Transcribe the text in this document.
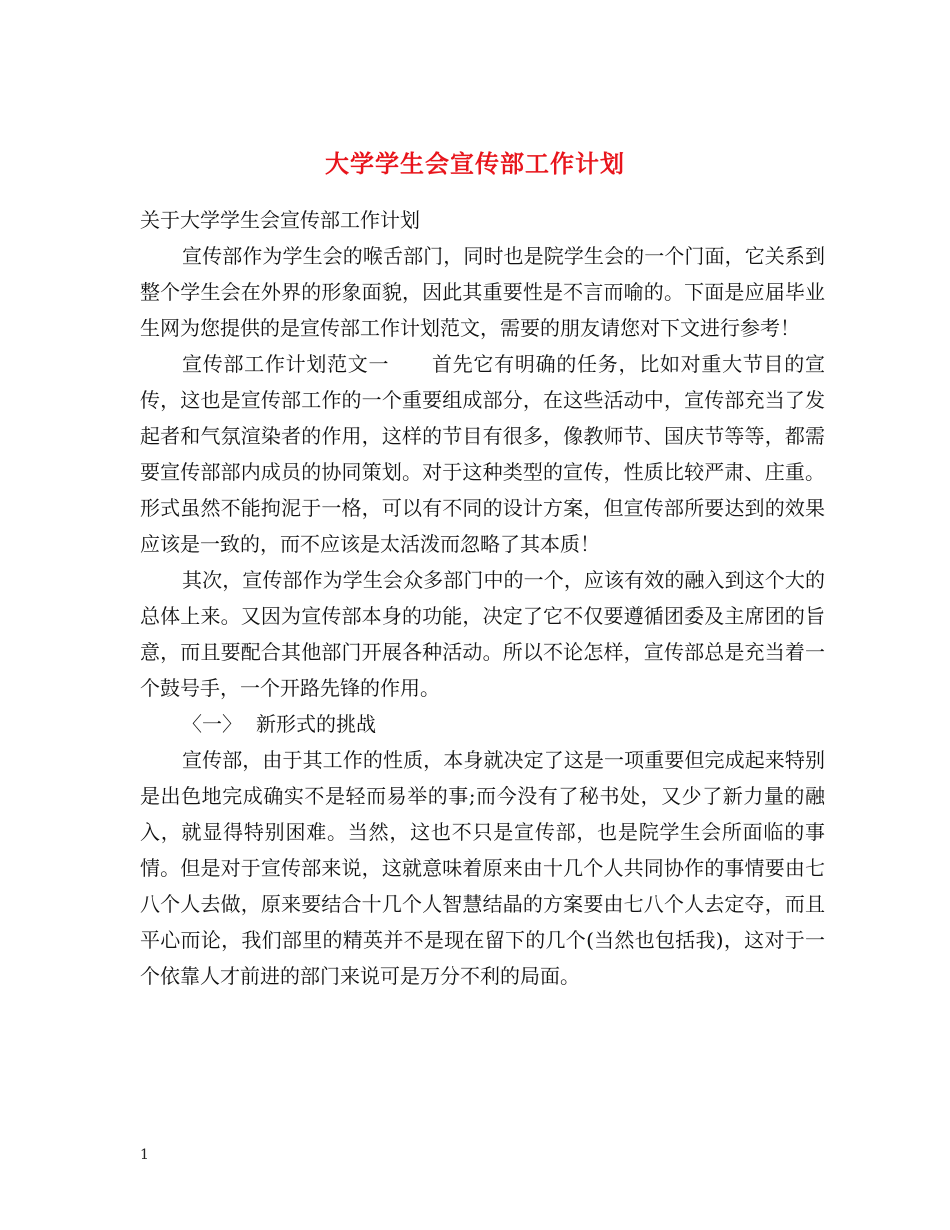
大学学生会宣传部工作计划

关于大学学生会宣传部工作计划

宣传部作为学生会的喉舌部门，同时也是院学生会的一个门面，它关系到整个学生会在外界的形象面貌，因此其重要性是不言而喻的。下面是应届毕业生网为您提供的是宣传部工作计划范文，需要的朋友请您对下文进行参考！

宣传部工作计划范文一 首先它有明确的任务，比如对重大节目的宣传，这也是宣传部工作的一个重要组成部分，在这些活动中，宣传部充当了发起者和气氛渲染者的作用，这样的节目有很多，像教师节、国庆节等等，都需要宣传部部内成员的协同策划。对于这种类型的宣传，性质比较严肃、庄重。形式虽然不能拘泥于一格，可以有不同的设计方案，但宣传部所要达到的效果应该是一致的，而不应该是太活泼而忽略了其本质！

其次，宣传部作为学生会众多部门中的一个，应该有效的融入到这个大的总体上来。又因为宣传部本身的功能，决定了它不仅要遵循团委及主席团的旨意，而且要配合其他部门开展各种活动。所以不论怎样，宣传部总是充当着一个鼓号手，一个开路先锋的作用。

〈一〉 新形式的挑战

宣传部，由于其工作的性质，本身就决定了这是一项重要但完成起来特别是出色地完成确实不是轻而易举的事;而今没有了秘书处，又少了新力量的融入，就显得特别困难。当然，这也不只是宣传部，也是院学生会所面临的事情。但是对于宣传部来说，这就意味着原来由十几个人共同协作的事情要由七八个人去做，原来要结合十几个人智慧结晶的方案要由七八个人去定夺，而且平心而论，我们部里的精英并不是现在留下的几个(当然也包括我)，这对于一个依靠人才前进的部门来说可是万分不利的局面。

1
